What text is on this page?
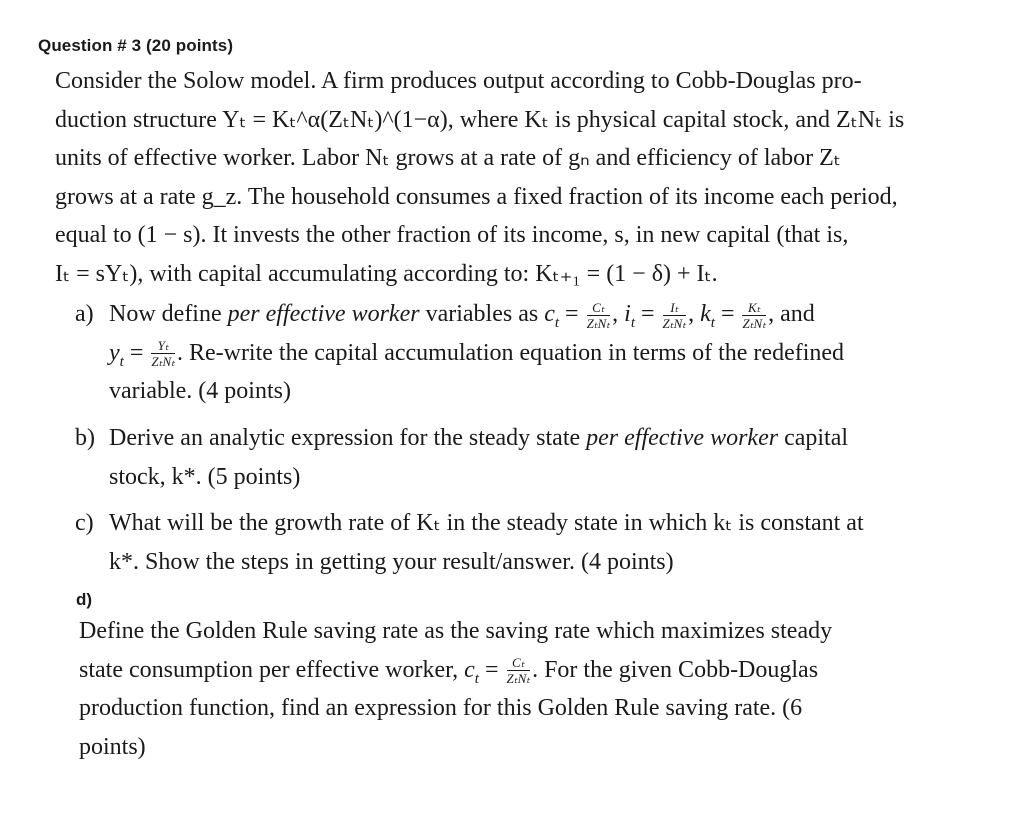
Question # 3 (20 points)
Consider the Solow model. A firm produces output according to Cobb-Douglas pro-
duction structure Yₜ = Kₜ^α(ZₜNₜ)^(1−α), where Kₜ is physical capital stock, and ZₜNₜ is
units of effective worker. Labor Nₜ grows at a rate of gₙ and efficiency of labor Zₜ
grows at a rate g_z. The household consumes a fixed fraction of its income each period,
equal to (1 − s). It invests the other fraction of its income, s, in new capital (that is,
Iₜ = sYₜ), with capital accumulating according to: Kₜ₊₁ = (1 − δ) + Iₜ.
a) Now define per effective worker variables as $c_t = \frac{\text{Cₜ}}{\text{ZₜNₜ}}$ , $i_t = \frac{\text{Iₜ}}{\text{ZₜNₜ}}$ , $k_t = \frac{\text{Kₜ}}{\text{ZₜNₜ}}$ , and
$y_t = \frac{\text{Yₜ}}{\text{ZₜNₜ}}$ . Re-write the capital accumulation equation in terms of the redefined
variable. (4 points)
b) Derive an analytic expression for the steady state per effective worker capital
stock, k*. (5 points)
c) What will be the growth rate of Kₜ in the steady state in which kₜ is constant at
k*. Show the steps in getting your result/answer. (4 points)
d)
Define the Golden Rule saving rate as the saving rate which maximizes steady
state consumption per effective worker, $c_t = \frac{\text{Cₜ}}{\text{ZₜNₜ}}$ . For the given Cobb-Douglas
production function, find an expression for this Golden Rule saving rate. (6
points)
